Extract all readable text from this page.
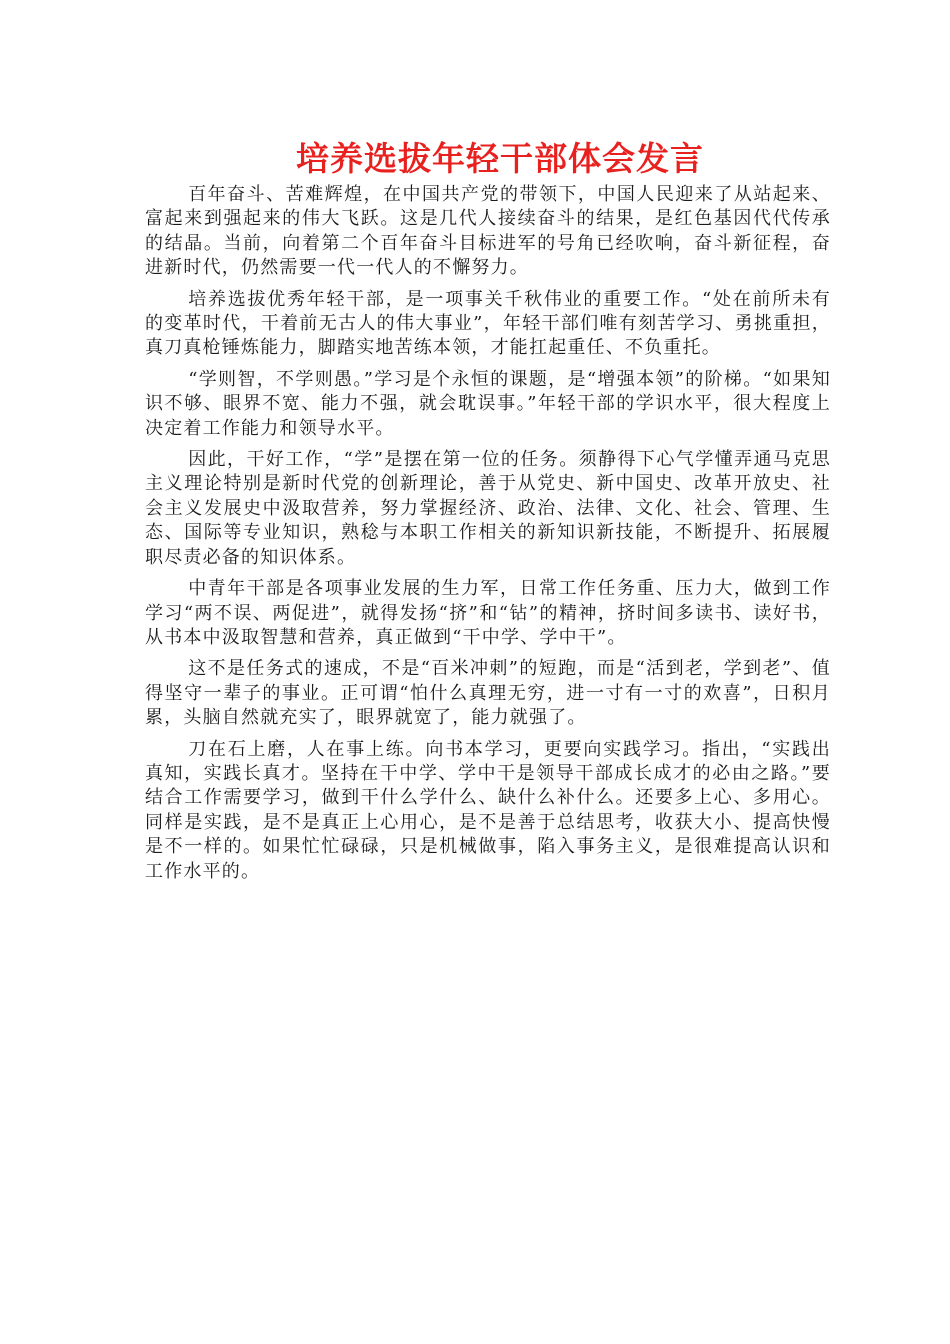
培养选拔年轻干部体会发言

百年奋斗、苦难辉煌，在中国共产党的带领下，中国人民迎来了从站起来、富起来到强起来的伟大飞跃。这是几代人接续奋斗的结果，是红色基因代代传承的结晶。当前，向着第二个百年奋斗目标进军的号角已经吹响，奋斗新征程，奋进新时代，仍然需要一代一代人的不懈努力。

培养选拔优秀年轻干部，是一项事关千秋伟业的重要工作。“处在前所未有的变革时代，干着前无古人的伟大事业”，年轻干部们唯有刻苦学习、勇挑重担，真刀真枪锤炼能力，脚踏实地苦练本领，才能扛起重任、不负重托。

“学则智，不学则愚。”学习是个永恒的课题，是“增强本领”的阶梯。“如果知识不够、眼界不宽、能力不强，就会耽误事。”年轻干部的学识水平，很大程度上决定着工作能力和领导水平。

因此，干好工作，“学”是摆在第一位的任务。须静得下心气学懂弄通马克思主义理论特别是新时代党的创新理论，善于从党史、新中国史、改革开放史、社会主义发展史中汲取营养，努力掌握经济、政治、法律、文化、社会、管理、生态、国际等专业知识，熟稔与本职工作相关的新知识新技能，不断提升、拓展履职尽责必备的知识体系。

中青年干部是各项事业发展的生力军，日常工作任务重、压力大，做到工作学习“两不误、两促进”，就得发扬“挤”和“钻”的精神，挤时间多读书、读好书，从书本中汲取智慧和营养，真正做到“干中学、学中干”。

这不是任务式的速成，不是“百米冲刺”的短跑，而是“活到老，学到老”、值得坚守一辈子的事业。正可谓“怕什么真理无穷，进一寸有一寸的欢喜”，日积月累，头脑自然就充实了，眼界就宽了，能力就强了。

刀在石上磨，人在事上练。向书本学习，更要向实践学习。指出，“实践出真知，实践长真才。坚持在干中学、学中干是领导干部成长成才的必由之路。”要结合工作需要学习，做到干什么学什么、缺什么补什么。还要多上心、多用心。同样是实践，是不是真正上心用心，是不是善于总结思考，收获大小、提高快慢是不一样的。如果忙忙碌碌，只是机械做事，陷入事务主义，是很难提高认识和工作水平的。
